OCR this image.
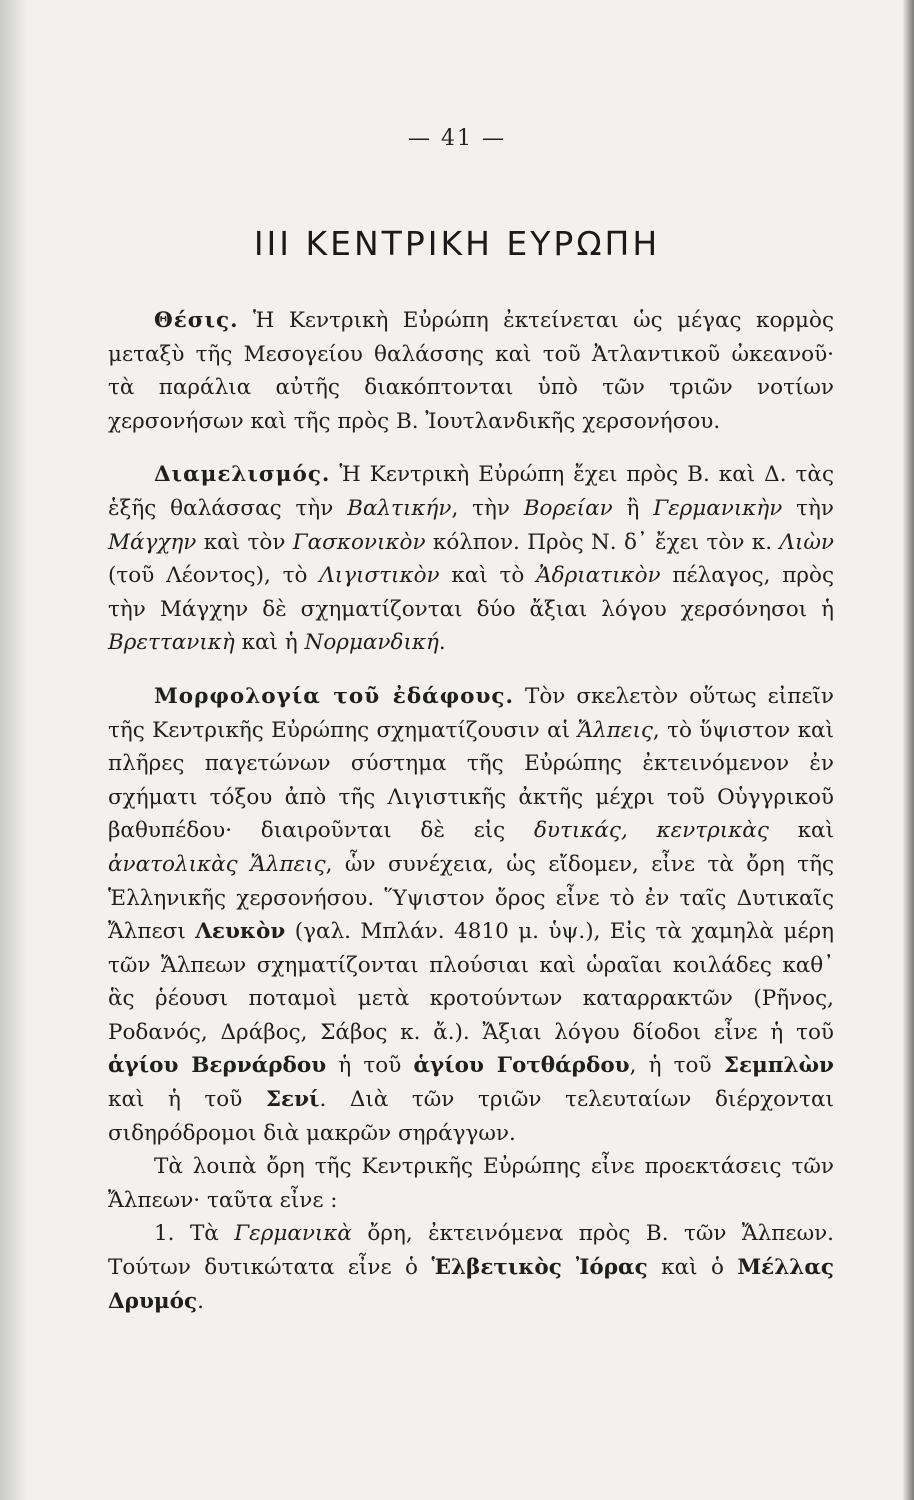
— 41 —
III ΚΕΝΤΡΙΚΗ ΕΥΡΩΠΗ

Θέσις. Ἡ Κεντρικὴ Εὐρώπη ἐκτείνεται ὡς μέγας κορμὸς μεταξὺ τῆς Μεσογείου θαλάσσης καὶ τοῦ Ἀτλαντικοῦ ὠκεανοῦ· τὰ παράλια αὐτῆς διακόπτονται ὑπὸ τῶν τριῶν νοτίων χερσονήσων καὶ τῆς πρὸς Β. Ἰουτλανδικῆς χερσονήσου.

Διαμελισμός. Ἡ Κεντρικὴ Εὐρώπη ἔχει πρὸς Β. καὶ Δ. τὰς ἑξῆς θαλάσσας τὴν Βαλτικήν, τὴν Βορείαν ἢ Γερμανικὴν τὴν Μάγχην καὶ τὸν Γασκονικὸν κόλπον. Πρὸς Ν. δ᾽ ἔχει τὸν κ. Λιὼν (τοῦ Λέοντος), τὸ Λιγιστικὸν καὶ τὸ Ἀδριατικὸν πέλαγος, πρὸς τὴν Μάγχην δὲ σχηματίζονται δύο ἄξιαι λόγου χερσόνησοι ἡ Βρεττανικὴ καὶ ἡ Νορμανδική.

Μορφολογία τοῦ ἐδάφους. Τὸν σκελετὸν οὕτως εἰπεῖν τῆς Κεντρικῆς Εὐρώπης σχηματίζουσιν αἱ Ἄλπεις, τὸ ὕψιστον καὶ πλῆρες παγετώνων σύστημα τῆς Εὐρώπης ἐκτεινόμενον ἐν σχήματι τόξου ἀπὸ τῆς Λιγιστικῆς ἀκτῆς μέχρι τοῦ Οὑγγρικοῦ βαθυπέδου· διαιροῦνται δὲ εἰς δυτικάς, κεντρικὰς καὶ ἀνατολικὰς Ἄλπεις, ὧν συνέχεια, ὡς εἴδομεν, εἶνε τὰ ὄρη τῆς Ἑλληνικῆς χερσονήσου. Ὕψιστον ὄρος εἶνε τὸ ἐν ταῖς Δυτικαῖς Ἄλπεσι Λευκὸν (γαλ. Μπλάν. 4810 μ. ὑψ.), Εἰς τὰ χαμηλὰ μέρη τῶν Ἄλπεων σχηματίζονται πλούσιαι καὶ ὡραῖαι κοιλάδες καθ᾽ ἃς ῥέουσι ποταμοὶ μετὰ κροτούντων καταρρακτῶν (Ρῆνος, Ροδανός, Δράβος, Σάβος κ. ἄ.). Ἄξιαι λόγου δίοδοι εἶνε ἡ τοῦ ἁγίου Βερνάρδου ἡ τοῦ ἁγίου Γοτθάρδου, ἡ τοῦ Σεμπλὼν καὶ ἡ τοῦ Σενί. Διὰ τῶν τριῶν τελευταίων διέρχονται σιδηρόδρομοι διὰ μακρῶν σηράγγων.

Τὰ λοιπὰ ὄρη τῆς Κεντρικῆς Εὐρώπης εἶνε προεκτάσεις τῶν Ἄλπεων· ταῦτα εἶνε :

1. Τὰ Γερμανικὰ ὄρη, ἐκτεινόμενα πρὸς Β. τῶν Ἄλπεων. Τούτων δυτικώτατα εἶνε ὁ Ἑλβετικὸς Ἰόρας καὶ ὁ Μέλλας Δρυμός.
